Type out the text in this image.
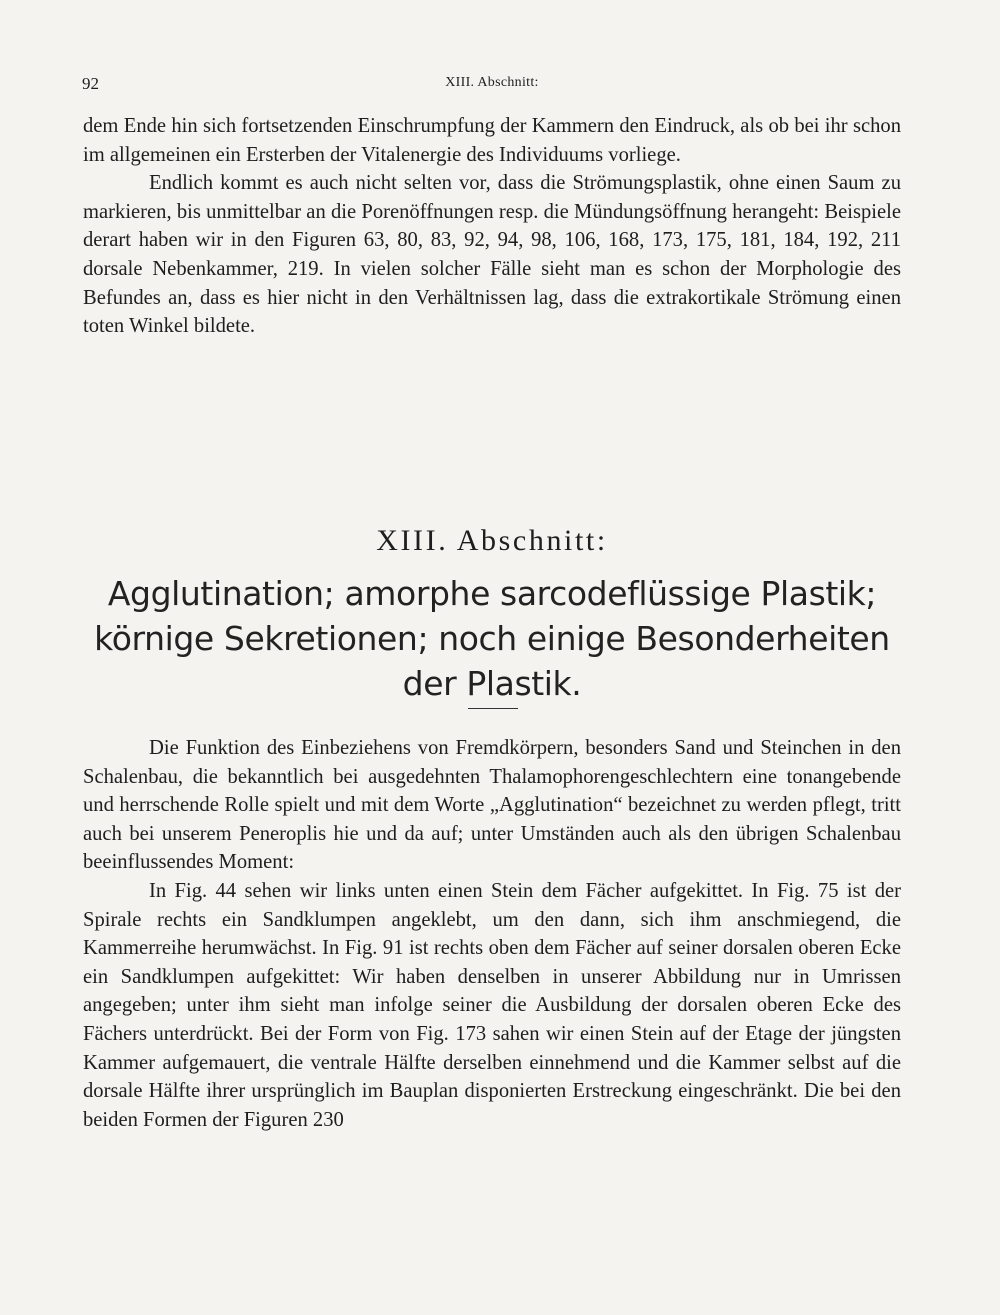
92	XIII. Abschnitt:

dem Ende hin sich fortsetzenden Einschrumpfung der Kammern den Eindruck, als ob bei ihr schon im allgemeinen ein Ersterben der Vitalenergie des Individuums vorliege.

Endlich kommt es auch nicht selten vor, dass die Strömungsplastik, ohne einen Saum zu markieren, bis unmittelbar an die Porenöffnungen resp. die Mündungsöffnung herangeht: Beispiele derart haben wir in den Figuren 63, 80, 83, 92, 94, 98, 106, 168, 173, 175, 181, 184, 192, 211 dorsale Nebenkammer, 219. In vielen solcher Fälle sieht man es schon der Morphologie des Befundes an, dass es hier nicht in den Verhältnissen lag, dass die extrakortikale Strömung einen toten Winkel bildete.

XIII. Abschnitt:
Agglutination; amorphe sarcodeflüssige Plastik;
körnige Sekretionen; noch einige Besonderheiten
der Plastik.

Die Funktion des Einbeziehens von Fremdkörpern, besonders Sand und Steinchen in den Schalenbau, die bekanntlich bei ausgedehnten Thalamophorengeschlechtern eine tonangebende und herrschende Rolle spielt und mit dem Worte „Agglutination“ bezeichnet zu werden pflegt, tritt auch bei unserem Peneroplis hie und da auf; unter Umständen auch als den übrigen Schalenbau beeinflussendes Moment:

In Fig. 44 sehen wir links unten einen Stein dem Fächer aufgekittet. In Fig. 75 ist der Spirale rechts ein Sandklumpen angeklebt, um den dann, sich ihm anschmiegend, die Kammerreihe herumwächst. In Fig. 91 ist rechts oben dem Fächer auf seiner dorsalen oberen Ecke ein Sandklumpen aufgekittet: Wir haben denselben in unserer Abbildung nur in Umrissen angegeben; unter ihm sieht man infolge seiner die Ausbildung der dorsalen oberen Ecke des Fächers unterdrückt. Bei der Form von Fig. 173 sahen wir einen Stein auf der Etage der jüngsten Kammer aufgemauert, die ventrale Hälfte derselben einnehmend und die Kammer selbst auf die dorsale Hälfte ihrer ursprünglich im Bauplan disponierten Erstreckung eingeschränkt. Die bei den beiden Formen der Figuren 230
